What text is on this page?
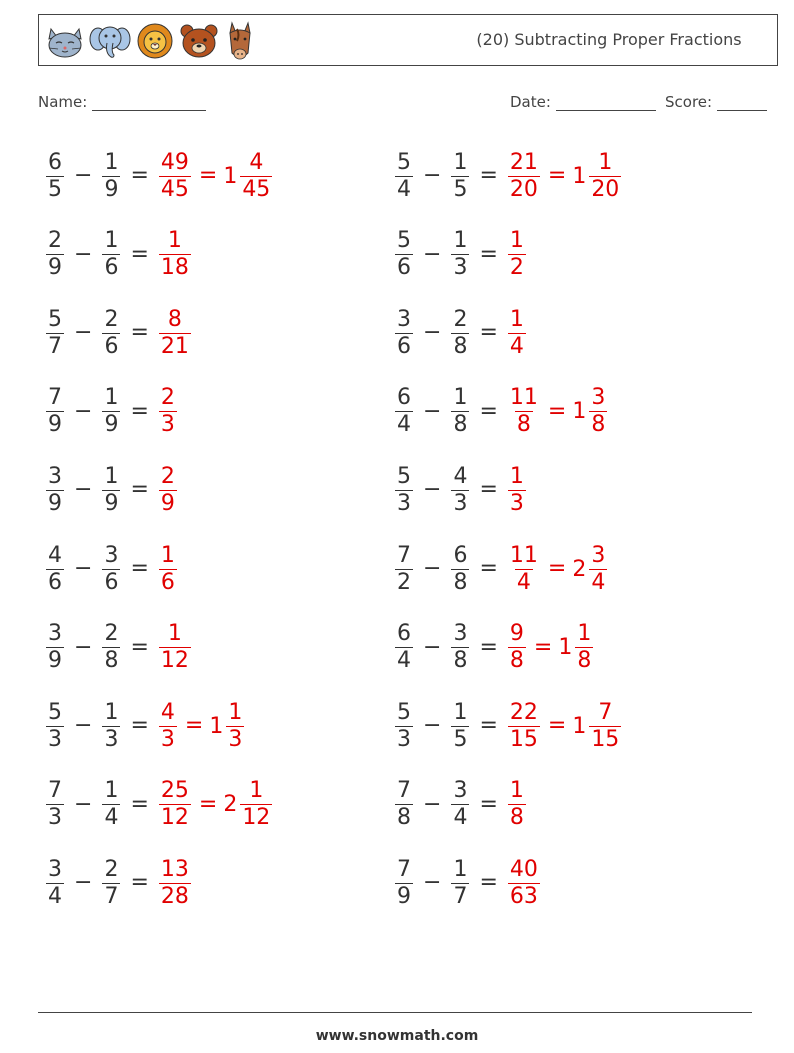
(20) Subtracting Proper Fractions
Name:	Date:	Score:
$\frac{6}{5} - \frac{1}{9} = \frac{49}{45} = 1 \frac{4}{45}$	$\frac{5}{4} - \frac{1}{5} = \frac{21}{20} = 1 \frac{1}{20}$
$\frac{2}{9} - \frac{1}{6} = \frac{1}{18}$	$\frac{5}{6} - \frac{1}{3} = \frac{1}{2}$
$\frac{5}{7} - \frac{2}{6} = \frac{8}{21}$	$\frac{3}{6} - \frac{2}{8} = \frac{1}{4}$
$\frac{7}{9} - \frac{1}{9} = \frac{2}{3}$	$\frac{6}{4} - \frac{1}{8} = \frac{11}{8} = 1 \frac{3}{8}$
$\frac{3}{9} - \frac{1}{9} = \frac{2}{9}$	$\frac{5}{3} - \frac{4}{3} = \frac{1}{3}$
$\frac{4}{6} - \frac{3}{6} = \frac{1}{6}$	$\frac{7}{2} - \frac{6}{8} = \frac{11}{4} = 2 \frac{3}{4}$
$\frac{3}{9} - \frac{2}{8} = \frac{1}{12}$	$\frac{6}{4} - \frac{3}{8} = \frac{9}{8} = 1 \frac{1}{8}$
$\frac{5}{3} - \frac{1}{3} = \frac{4}{3} = 1 \frac{1}{3}$	$\frac{5}{3} - \frac{1}{5} = \frac{22}{15} = 1 \frac{7}{15}$
$\frac{7}{3} - \frac{1}{4} = \frac{25}{12} = 2 \frac{1}{12}$	$\frac{7}{8} - \frac{3}{4} = \frac{1}{8}$
$\frac{3}{4} - \frac{2}{7} = \frac{13}{28}$	$\frac{7}{9} - \frac{1}{7} = \frac{40}{63}$
www.snowmath.com
